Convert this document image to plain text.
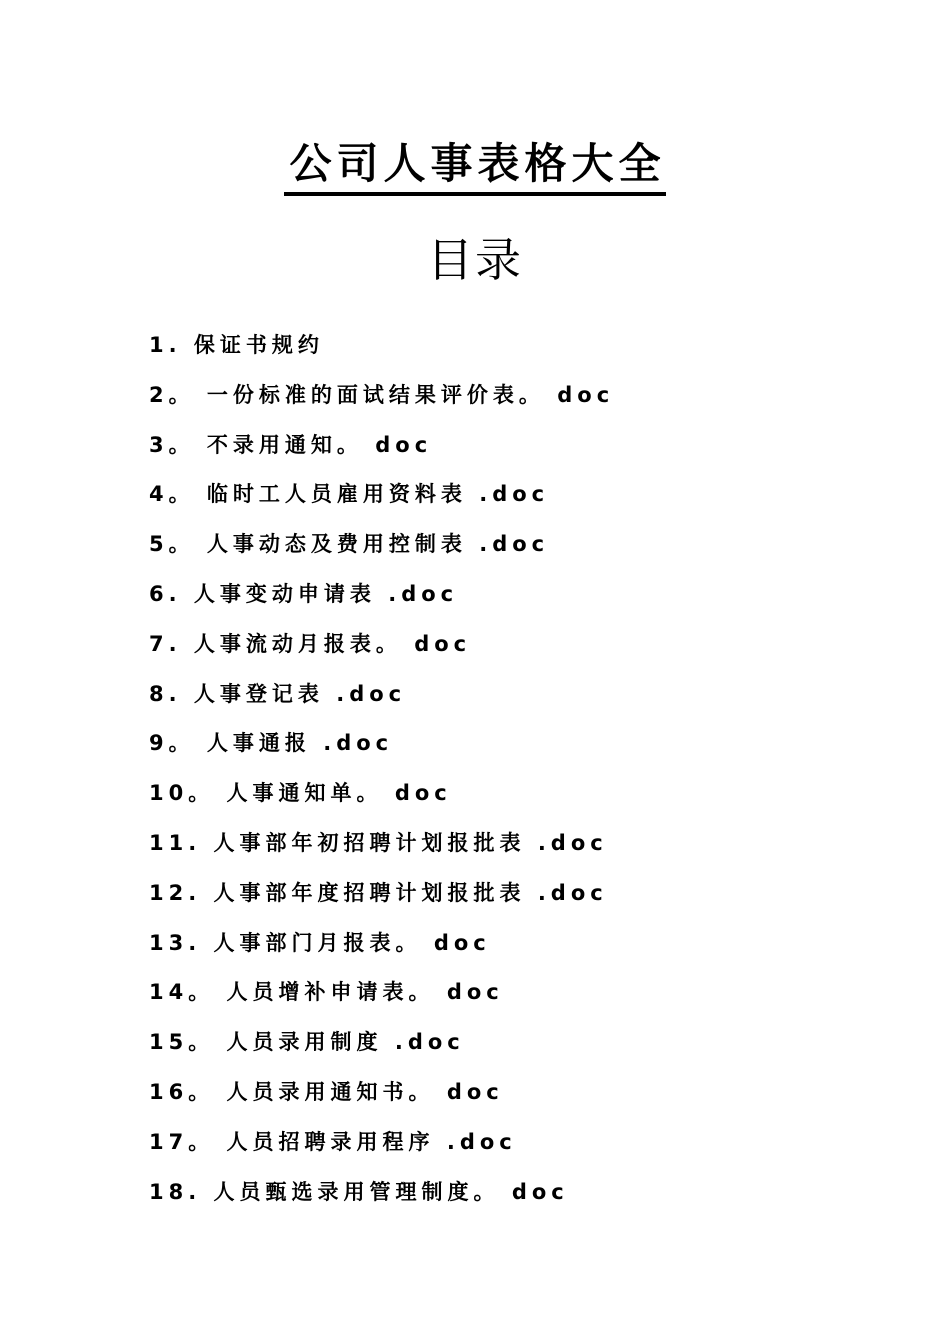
公司人事表格大全
目录
1. 保证书规约
2。 一份标准的面试结果评价表。 doc
3。 不录用通知。 doc
4。 临时工人员雇用资料表 .doc
5。 人事动态及费用控制表 .doc
6. 人事变动申请表 .doc
7. 人事流动月报表。 doc
8. 人事登记表 .doc
9。 人事通报 .doc
10。 人事通知单。 doc
11. 人事部年初招聘计划报批表 .doc
12. 人事部年度招聘计划报批表 .doc
13. 人事部门月报表。 doc
14。 人员增补申请表。 doc
15。 人员录用制度 .doc
16。 人员录用通知书。 doc
17。 人员招聘录用程序 .doc
18. 人员甄选录用管理制度。 doc
